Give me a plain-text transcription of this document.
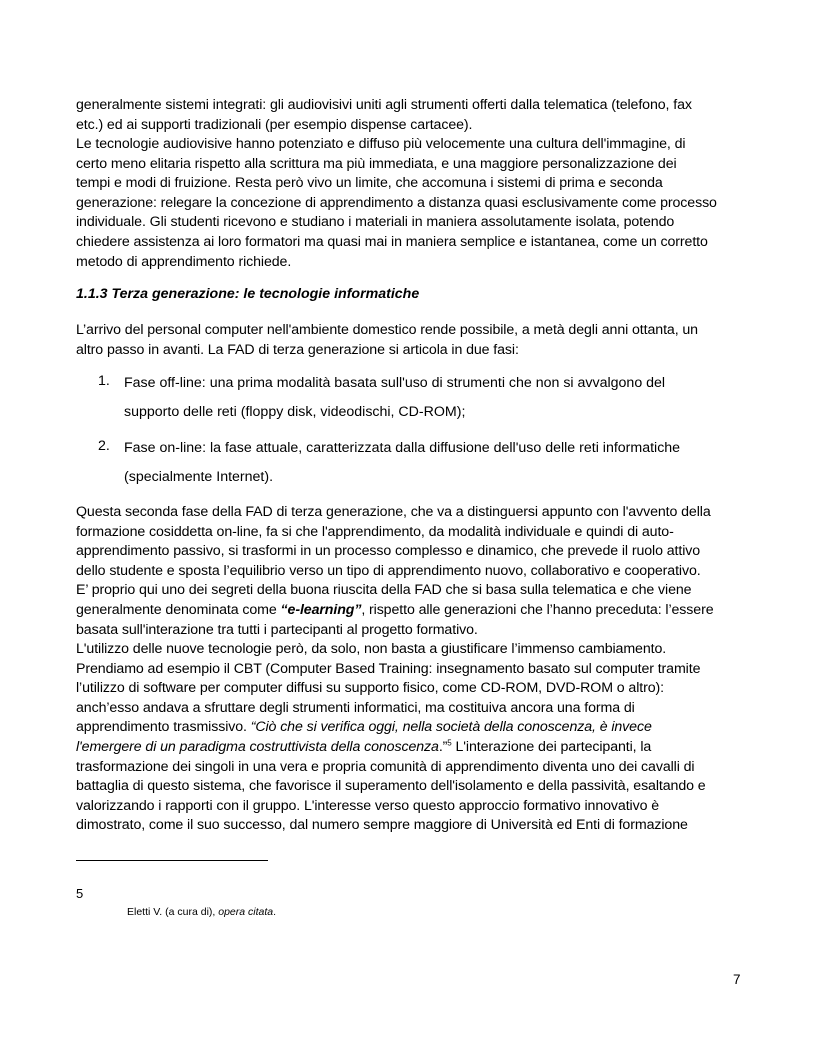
generalmente sistemi integrati: gli audiovisivi uniti agli strumenti offerti dalla telematica (telefono, fax

etc.) ed ai supporti tradizionali (per esempio dispense cartacee).

Le tecnologie audiovisive hanno potenziato e diffuso più velocemente una cultura dell'immagine, di

certo meno elitaria rispetto alla scrittura ma più immediata, e una maggiore personalizzazione dei

tempi e modi di fruizione. Resta però vivo un limite, che accomuna i sistemi di prima e seconda

generazione: relegare la concezione di apprendimento a distanza quasi esclusivamente come processo

individuale. Gli studenti ricevono e studiano i materiali in maniera assolutamente isolata, potendo

chiedere assistenza ai loro formatori ma quasi mai in maniera semplice e istantanea, come un corretto

metodo di apprendimento richiede.

1.1.3 Terza generazione: le tecnologie informatiche

L’arrivo del personal computer nell'ambiente domestico rende possibile, a metà degli anni ottanta, un

altro passo in avanti. La FAD di terza generazione si articola in due fasi:

1. Fase off-line: una prima modalità basata sull'uso di strumenti che non si avvalgono del
supporto delle reti (floppy disk, videodischi, CD-ROM);
2. Fase on-line: la fase attuale, caratterizzata dalla diffusione dell'uso delle reti informatiche
(specialmente Internet).

Questa seconda fase della FAD di terza generazione, che va a distinguersi appunto con l'avvento della

formazione cosiddetta on-line, fa si che l'apprendimento, da modalità individuale e quindi di auto-

apprendimento passivo, si trasformi in un processo complesso e dinamico, che prevede il ruolo attivo

dello studente e sposta l’equilibrio verso un tipo di apprendimento nuovo, collaborativo e cooperativo.

E’ proprio qui uno dei segreti della buona riuscita della FAD che si basa sulla telematica e che viene

generalmente denominata come “e-learning”, rispetto alle generazioni che l’hanno preceduta: l’essere

basata sull'interazione tra tutti i partecipanti al progetto formativo.

L'utilizzo delle nuove tecnologie però, da solo, non basta a giustificare l’immenso cambiamento.

Prendiamo ad esempio il CBT (Computer Based Training: insegnamento basato sul computer tramite

l’utilizzo di software per computer diffusi su supporto fisico, come CD-ROM, DVD-ROM o altro):

anch’esso andava a sfruttare degli strumenti informatici, ma costituiva ancora una forma di

apprendimento trasmissivo. “Ciò che si verifica oggi, nella società della conoscenza, è invece

l'emergere di un paradigma costruttivista della conoscenza.”$^5$ L'interazione dei partecipanti, la

trasformazione dei singoli in una vera e propria comunità di apprendimento diventa uno dei cavalli di

battaglia di questo sistema, che favorisce il superamento dell'isolamento e della passività, esaltando e

valorizzando i rapporti con il gruppo. L'interesse verso questo approccio formativo innovativo è

dimostrato, come il suo successo, dal numero sempre maggiore di Università ed Enti di formazione

5
Eletti V. (a cura di), opera citata.
7
